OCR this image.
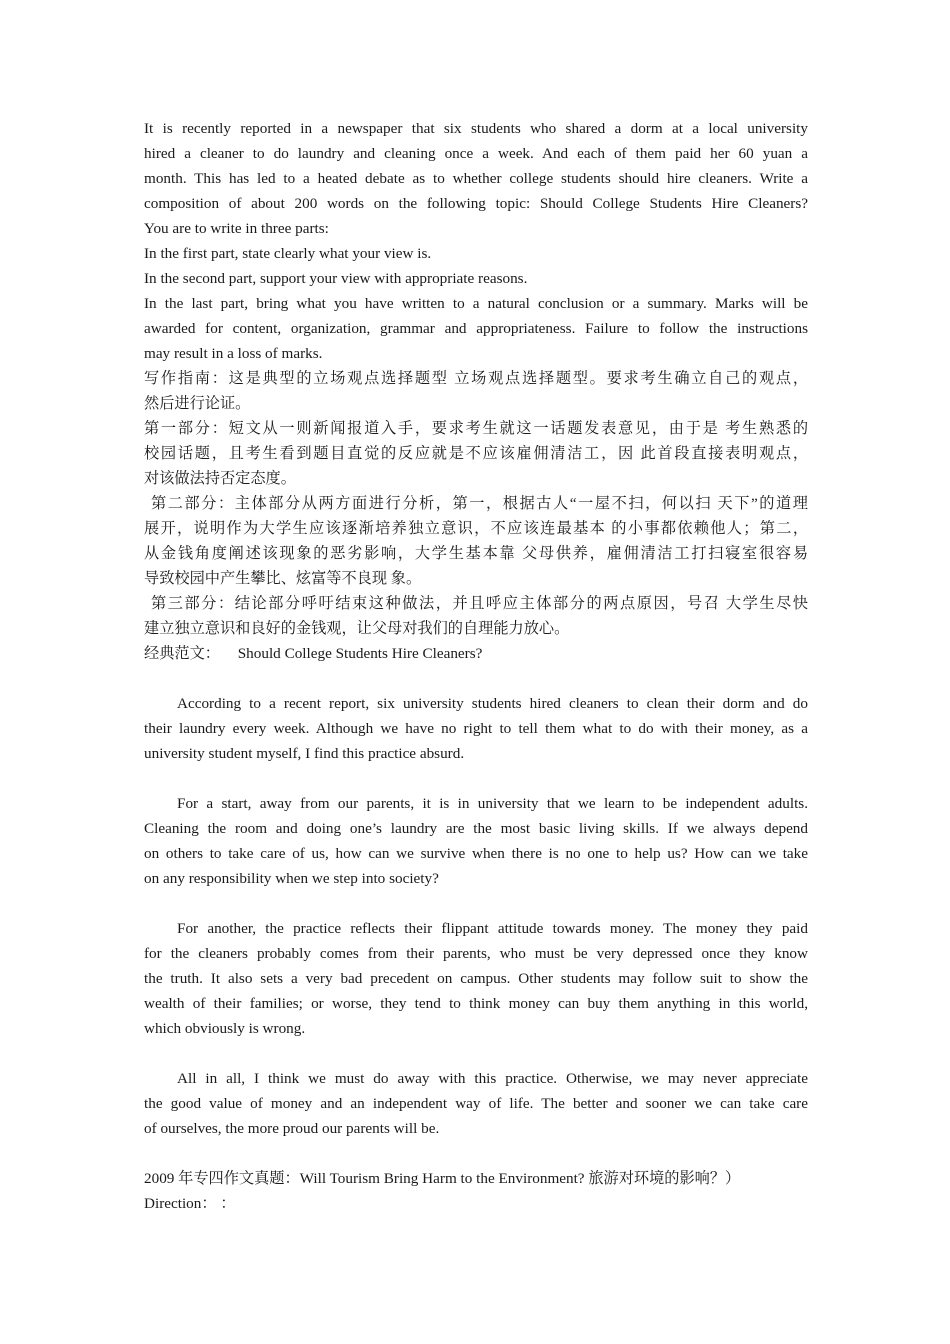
It is recently reported in a newspaper that six students who shared a dorm at a local university
hired a cleaner to do laundry and cleaning once a week. And each of them paid her 60 yuan a
month. This has led to a heated debate as to whether college students should hire cleaners. Write a
composition of about 200 words on the following topic: Should College Students Hire Cleaners?
You are to write in three parts:
In the first part, state clearly what your view is.
In the second part, support your view with appropriate reasons.
In the last part, bring what you have written to a natural conclusion or a summary. Marks will be
awarded for content, organization, grammar and appropriateness. Failure to follow the instructions
may result in a loss of marks.
写作指南：这是典型的立场观点选择题型 立场观点选择题型。要求考生确立自己的观点，
然后进行论证。
第一部分：短文从一则新闻报道入手，要求考生就这一话题发表意见，由于是 考生熟悉的
校园话题，且考生看到题目直觉的反应就是不应该雇佣清洁工，因 此首段直接表明观点，
对该做法持否定态度。
第二部分：主体部分从两方面进行分析，第一，根据古人“一屋不扫，何以扫 天下”的道理
展开，说明作为大学生应该逐渐培养独立意识，不应该连最基本 的小事都依赖他人；第二，
从金钱角度阐述该现象的恶劣影响，大学生基本靠 父母供养，雇佣清洁工打扫寝室很容易
导致校园中产生攀比、炫富等不良现 象。
第三部分：结论部分呼吁结束这种做法，并且呼应主体部分的两点原因，号召 大学生尽快
建立独立意识和良好的金钱观，让父母对我们的自理能力放心。
经典范文： Should College Students Hire Cleaners?
According to a recent report, six university students hired cleaners to clean their dorm and do
their laundry every week. Although we have no right to tell them what to do with their money, as a
university student myself, I find this practice absurd.
For a start, away from our parents, it is in university that we learn to be independent adults.
Cleaning the room and doing one’s laundry are the most basic living skills. If we always depend
on others to take care of us, how can we survive when there is no one to help us? How can we take
on any responsibility when we step into society?
For another, the practice reflects their flippant attitude towards money. The money they paid
for the cleaners probably comes from their parents, who must be very depressed once they know
the truth. It also sets a very bad precedent on campus. Other students may follow suit to show the
wealth of their families; or worse, they tend to think money can buy them anything in this world,
which obviously is wrong.
All in all, I think we must do away with this practice. Otherwise, we may never appreciate
the good value of money and an independent way of life. The better and sooner we can take care
of ourselves, the more proud our parents will be.
2009 年专四作文真题：Will Tourism Bring Harm to the Environment? 旅游对环境的影响？）
Direction： ：
